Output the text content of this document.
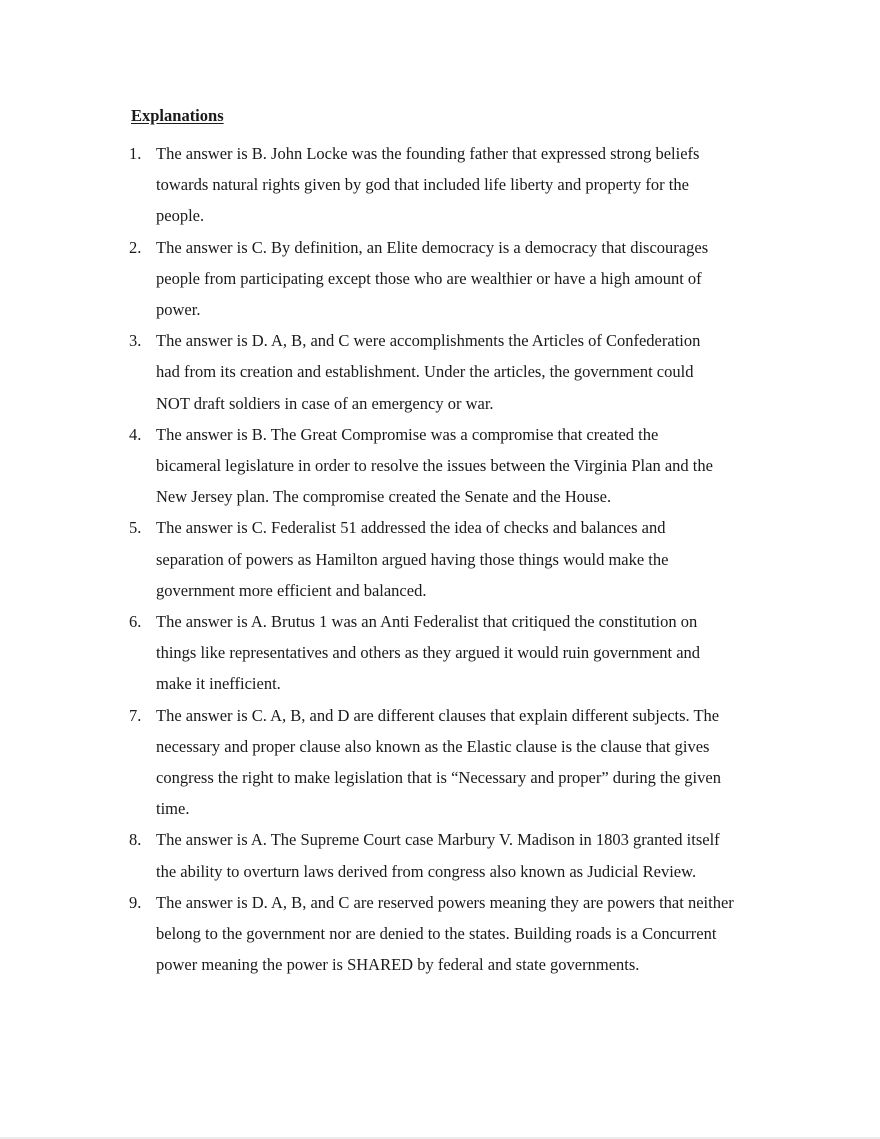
Explanations
1. The answer is B. John Locke was the founding father that expressed strong beliefs
towards natural rights given by god that included life liberty and property for the
people.
2. The answer is C. By definition, an Elite democracy is a democracy that discourages
people from participating except those who are wealthier or have a high amount of
power.
3. The answer is D. A, B, and C were accomplishments the Articles of Confederation
had from its creation and establishment. Under the articles, the government could
NOT draft soldiers in case of an emergency or war.
4. The answer is B. The Great Compromise was a compromise that created the
bicameral legislature in order to resolve the issues between the Virginia Plan and the
New Jersey plan. The compromise created the Senate and the House.
5. The answer is C. Federalist 51 addressed the idea of checks and balances and
separation of powers as Hamilton argued having those things would make the
government more efficient and balanced.
6. The answer is A. Brutus 1 was an Anti Federalist that critiqued the constitution on
things like representatives and others as they argued it would ruin government and
make it inefficient.
7. The answer is C. A, B, and D are different clauses that explain different subjects. The
necessary and proper clause also known as the Elastic clause is the clause that gives
congress the right to make legislation that is “Necessary and proper” during the given
time.
8. The answer is A. The Supreme Court case Marbury V. Madison in 1803 granted itself
the ability to overturn laws derived from congress also known as Judicial Review.
9. The answer is D. A, B, and C are reserved powers meaning they are powers that neither
belong to the government nor are denied to the states. Building roads is a Concurrent
power meaning the power is SHARED by federal and state governments.
